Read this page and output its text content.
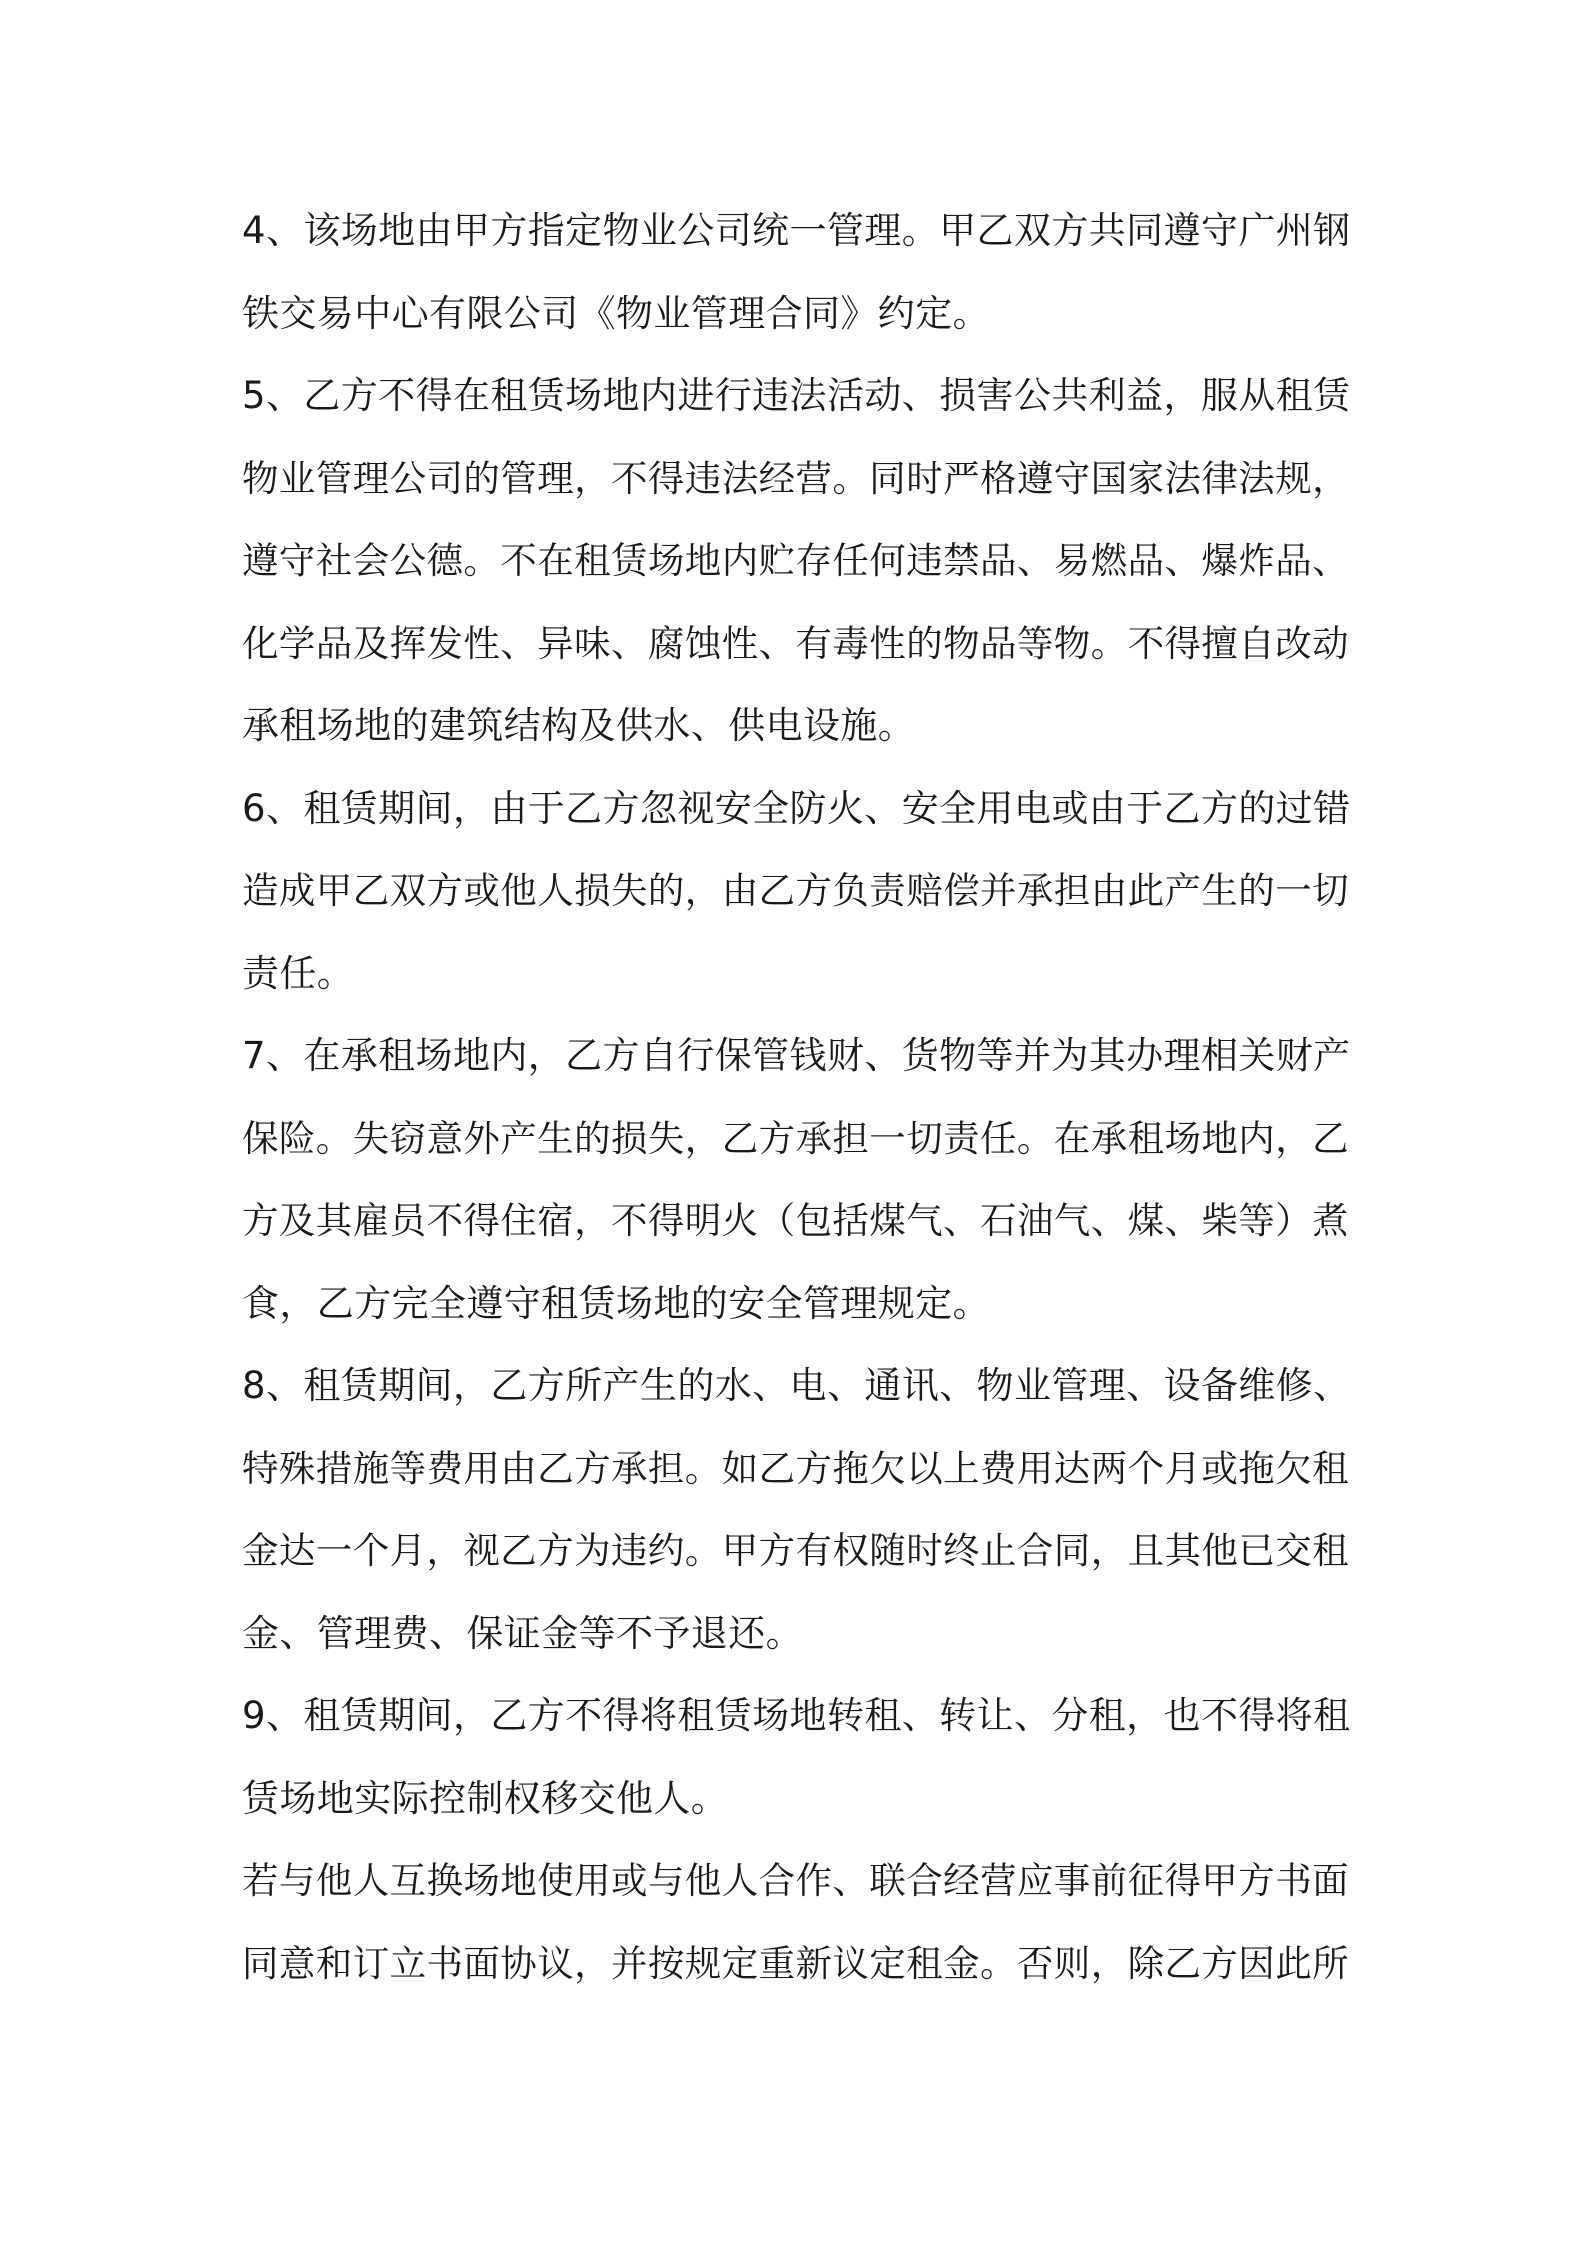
4、该场地由甲方指定物业公司统一管理。甲乙双方共同遵守广州钢
铁交易中心有限公司《物业管理合同》约定。
5、乙方不得在租赁场地内进行违法活动、损害公共利益，服从租赁
物业管理公司的管理，不得违法经营。同时严格遵守国家法律法规，
遵守社会公德。不在租赁场地内贮存任何违禁品、易燃品、爆炸品、
化学品及挥发性、异味、腐蚀性、有毒性的物品等物。不得擅自改动
承租场地的建筑结构及供水、供电设施。
6、租赁期间，由于乙方忽视安全防火、安全用电或由于乙方的过错
造成甲乙双方或他人损失的，由乙方负责赔偿并承担由此产生的一切
责任。
7、在承租场地内，乙方自行保管钱财、货物等并为其办理相关财产
保险。失窃意外产生的损失，乙方承担一切责任。在承租场地内，乙
方及其雇员不得住宿，不得明火（包括煤气、石油气、煤、柴等）煮
食，乙方完全遵守租赁场地的安全管理规定。
8、租赁期间，乙方所产生的水、电、通讯、物业管理、设备维修、
特殊措施等费用由乙方承担。如乙方拖欠以上费用达两个月或拖欠租
金达一个月，视乙方为违约。甲方有权随时终止合同，且其他已交租
金、管理费、保证金等不予退还。
9、租赁期间，乙方不得将租赁场地转租、转让、分租，也不得将租
赁场地实际控制权移交他人。
若与他人互换场地使用或与他人合作、联合经营应事前征得甲方书面
同意和订立书面协议，并按规定重新议定租金。否则，除乙方因此所
